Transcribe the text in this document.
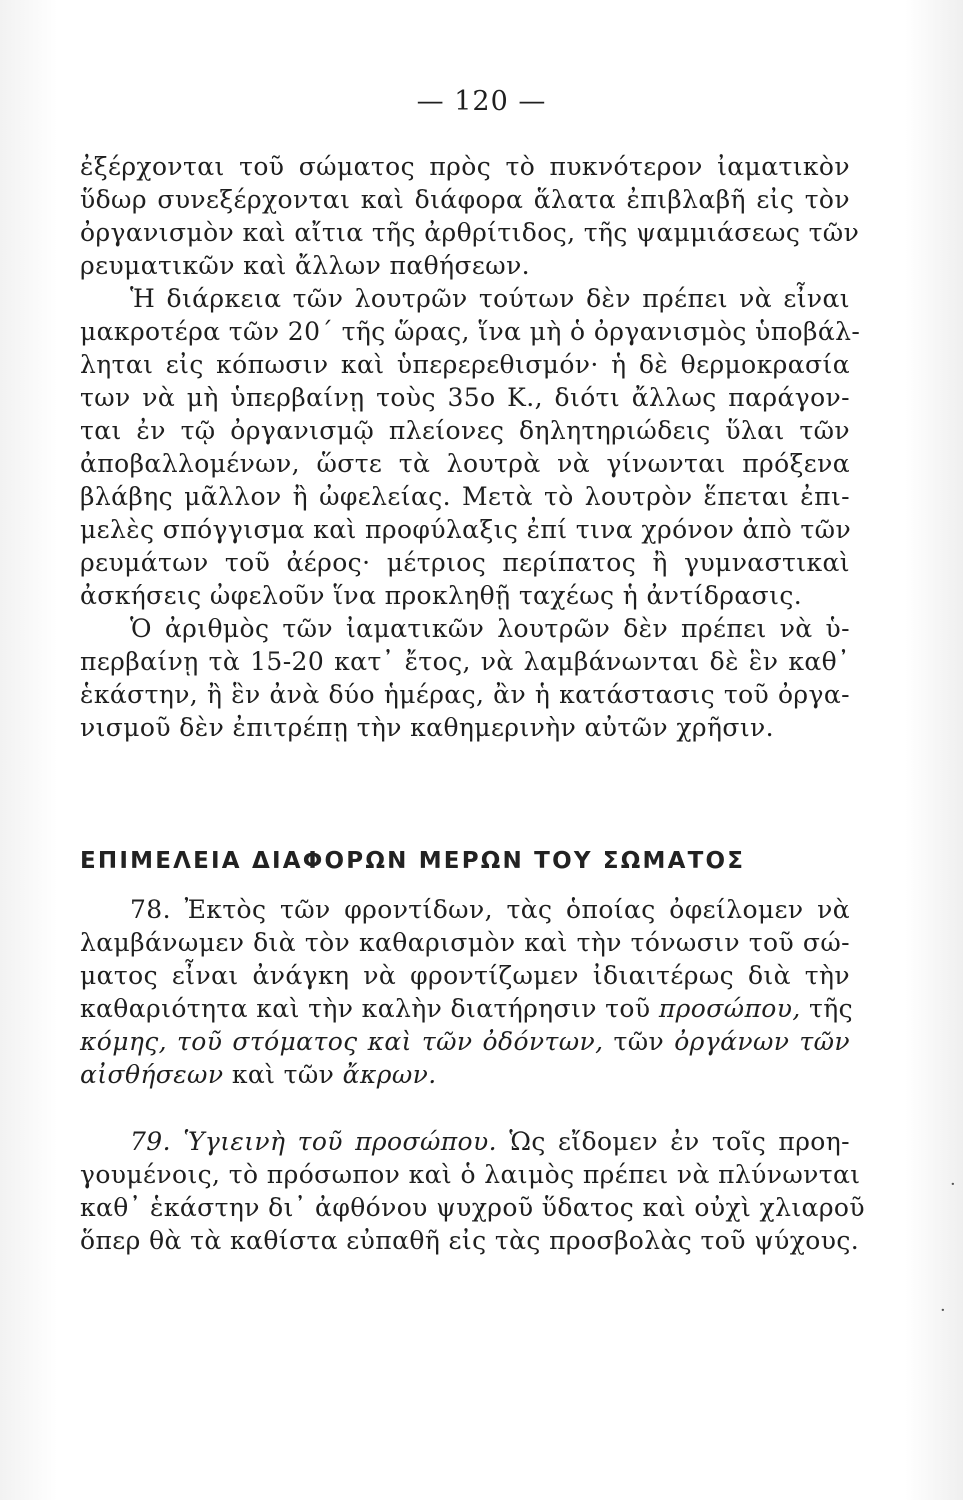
— 120 —
ἐξέρχονται τοῦ σώματος πρὸς τὸ πυκνότερον ἰαματικὸν
ὕδωρ συνεξέρχονται καὶ διάφορα ἅλατα ἐπιβλαβῆ εἰς τὸν
ὀργανισμὸν καὶ αἴτια τῆς ἀρθρίτιδος, τῆς ψαμμιάσεως τῶν
ρευματικῶν καὶ ἄλλων παθήσεων.
Ἡ διάρκεια τῶν λουτρῶν τούτων δὲν πρέπει νὰ εἶναι
μακροτέρα τῶν 20΄ τῆς ὥρας, ἵνα μὴ ὁ ὀργανισμὸς ὑποβάλ-
ληται εἰς κόπωσιν καὶ ὑπερερεθισμόν· ἡ δὲ θερμοκρασία
των νὰ μὴ ὑπερβαίνῃ τοὺς 35ο Κ., διότι ἄλλως παράγον-
ται ἐν τῷ ὀργανισμῷ πλείονες δηλητηριώδεις ὕλαι τῶν
ἀποβαλλομένων, ὥστε τὰ λουτρὰ νὰ γίνωνται πρόξενα
βλάβης μᾶλλον ἢ ὠφελείας. Μετὰ τὸ λουτρὸν ἕπεται ἐπι-
μελὲς σπόγγισμα καὶ προφύλαξις ἐπί τινα χρόνον ἀπὸ τῶν
ρευμάτων τοῦ ἀέρος· μέτριος περίπατος ἢ γυμναστικαὶ
ἀσκήσεις ὠφελοῦν ἵνα προκληθῇ ταχέως ἡ ἀντίδρασις.
Ὁ ἀριθμὸς τῶν ἰαματικῶν λουτρῶν δὲν πρέπει νὰ ὑ-
περβαίνῃ τὰ 15-20 κατ᾽ ἔτος, νὰ λαμβάνωνται δὲ ἓν καθ᾽
ἑκάστην, ἢ ἓν ἀνὰ δύο ἡμέρας, ἂν ἡ κατάστασις τοῦ ὀργα-
νισμοῦ δὲν ἐπιτρέπῃ τὴν καθημερινὴν αὐτῶν χρῆσιν.
ΕΠΙΜΕΛΕΙΑ ΔΙΑΦΟΡΩΝ ΜΕΡΩΝ ΤΟΥ ΣΩΜΑΤΟΣ
78. Ἐκτὸς τῶν φροντίδων, τὰς ὁποίας ὀφείλομεν νὰ
λαμβάνωμεν διὰ τὸν καθαρισμὸν καὶ τὴν τόνωσιν τοῦ σώ-
ματος εἶναι ἀνάγκη νὰ φροντίζωμεν ἰδιαιτέρως διὰ τὴν
καθαριότητα καὶ τὴν καλὴν διατήρησιν τοῦ προσώπου, τῆς
κόμης, τοῦ στόματος καὶ τῶν ὀδόντων, τῶν ὀργάνων τῶν
αἰσθήσεων καὶ τῶν ἄκρων.
79. Ὑγιεινὴ τοῦ προσώπου. Ὡς εἴδομεν ἐν τοῖς προη-
γουμένοις, τὸ πρόσωπον καὶ ὁ λαιμὸς πρέπει νὰ πλύνωνται
καθ᾽ ἑκάστην δι᾽ ἀφθόνου ψυχροῦ ὕδατος καὶ οὐχὶ χλιαροῦ
ὅπερ θὰ τὰ καθίστα εὐπαθῆ εἰς τὰς προσβολὰς τοῦ ψύχους.
·
·
